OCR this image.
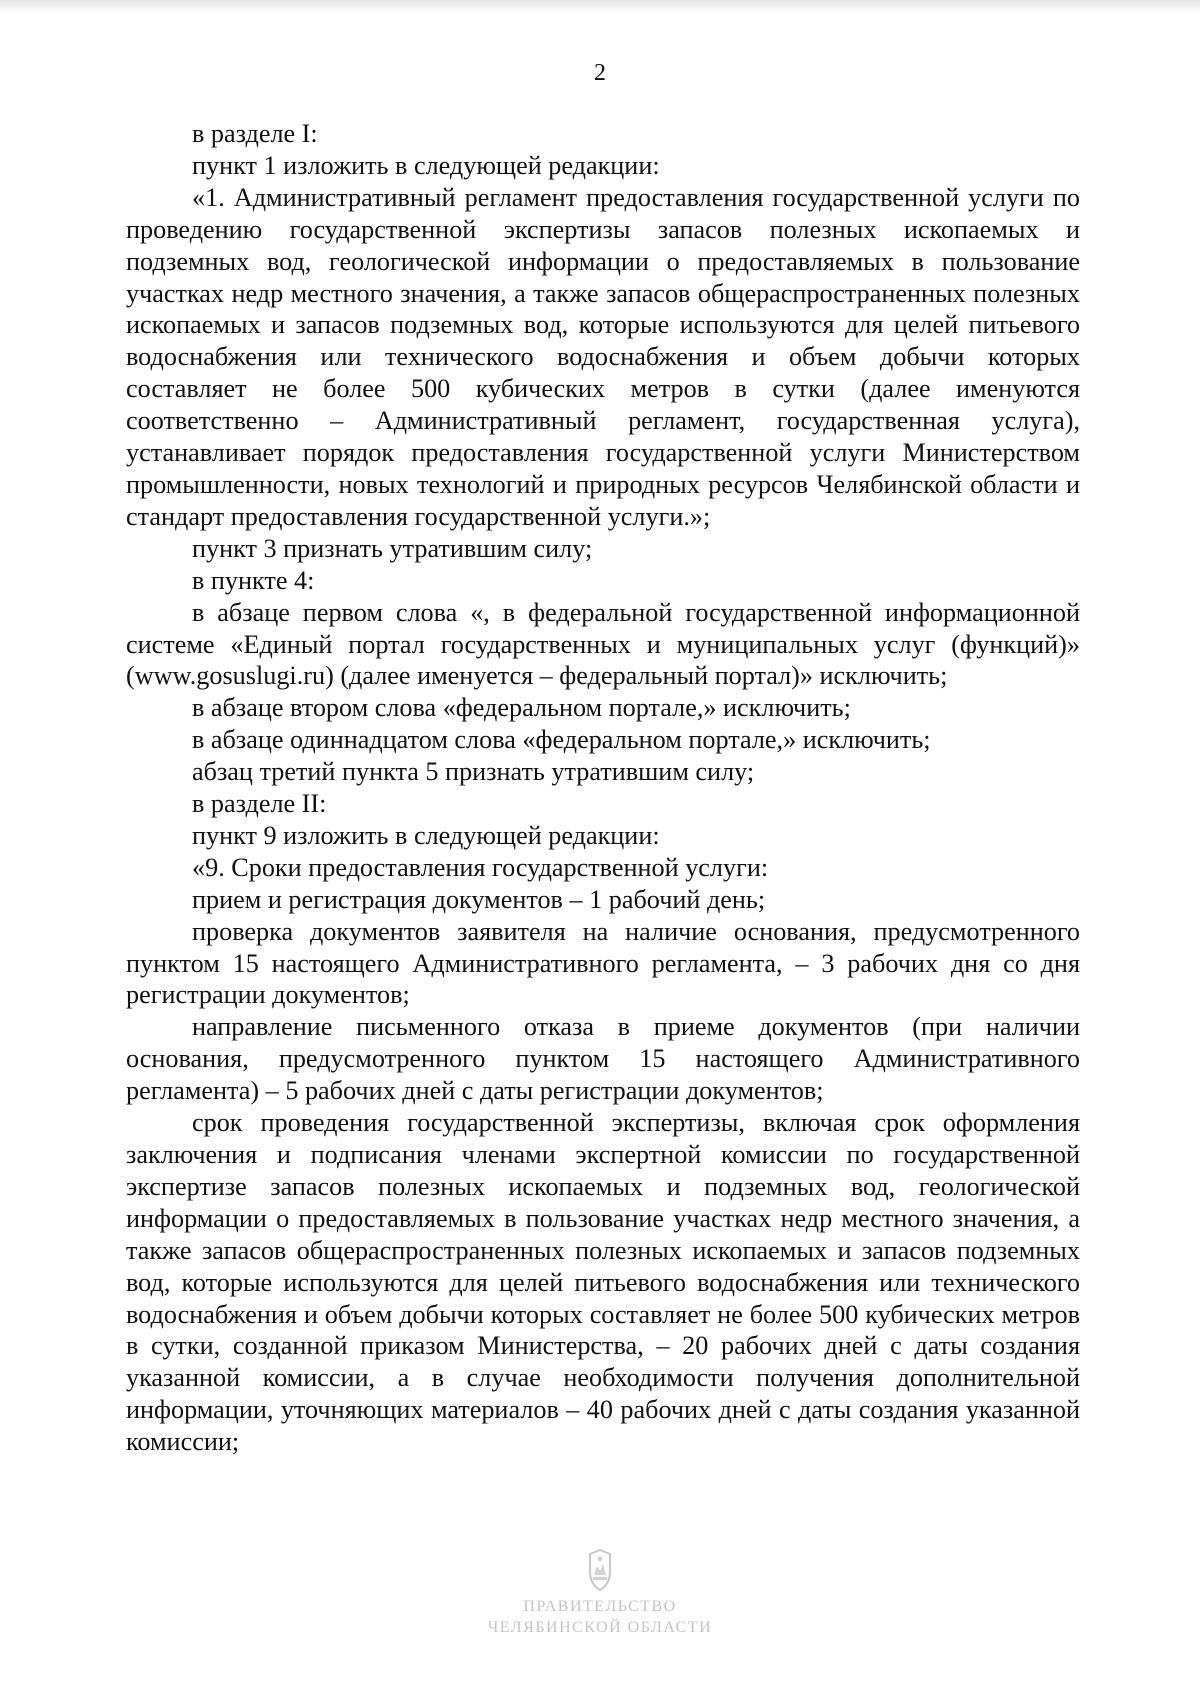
2

в разделе I:

пункт 1 изложить в следующей редакции:

«1. Административный регламент предоставления государственной услуги по проведению государственной экспертизы запасов полезных ископаемых и подземных вод, геологической информации о предоставляемых в пользование участках недр местного значения, а также запасов общераспространенных полезных ископаемых и запасов подземных вод, которые используются для целей питьевого водоснабжения или технического водоснабжения и объем добычи которых составляет не более 500 кубических метров в сутки (далее именуются соответственно – Административный регламент, государственная услуга), устанавливает порядок предоставления государственной услуги Министерством промышленности, новых технологий и природных ресурсов Челябинской области и стандарт предоставления государственной услуги.»;

пункт 3 признать утратившим силу;

в пункте 4:

в абзаце первом слова «, в федеральной государственной информационной системе «Единый портал государственных и муниципальных услуг (функций)» (www.gosuslugi.ru) (далее именуется – федеральный портал)» исключить;

в абзаце втором слова «федеральном портале,» исключить;

в абзаце одиннадцатом слова «федеральном портале,» исключить;

абзац третий пункта 5 признать утратившим силу;

в разделе II:

пункт 9 изложить в следующей редакции:

«9. Сроки предоставления государственной услуги:

прием и регистрация документов – 1 рабочий день;

проверка документов заявителя на наличие основания, предусмотренного пунктом 15 настоящего Административного регламента, – 3 рабочих дня со дня регистрации документов;

направление письменного отказа в приеме документов (при наличии основания, предусмотренного пунктом 15 настоящего Административного регламента) – 5 рабочих дней с даты регистрации документов;

срок проведения государственной экспертизы, включая срок оформления заключения и подписания членами экспертной комиссии по государственной экспертизе запасов полезных ископаемых и подземных вод, геологической информации о предоставляемых в пользование участках недр местного значения, а также запасов общераспространенных полезных ископаемых и запасов подземных вод, которые используются для целей питьевого водоснабжения или технического водоснабжения и объем добычи которых составляет не более 500 кубических метров в сутки, созданной приказом Министерства, – 20 рабочих дней с даты создания указанной комиссии, а в случае необходимости получения дополнительной информации, уточняющих материалов – 40 рабочих дней с даты создания указанной комиссии;

ПРАВИТЕЛЬСТВО
ЧЕЛЯБИНСКОЙ ОБЛАСТИ
